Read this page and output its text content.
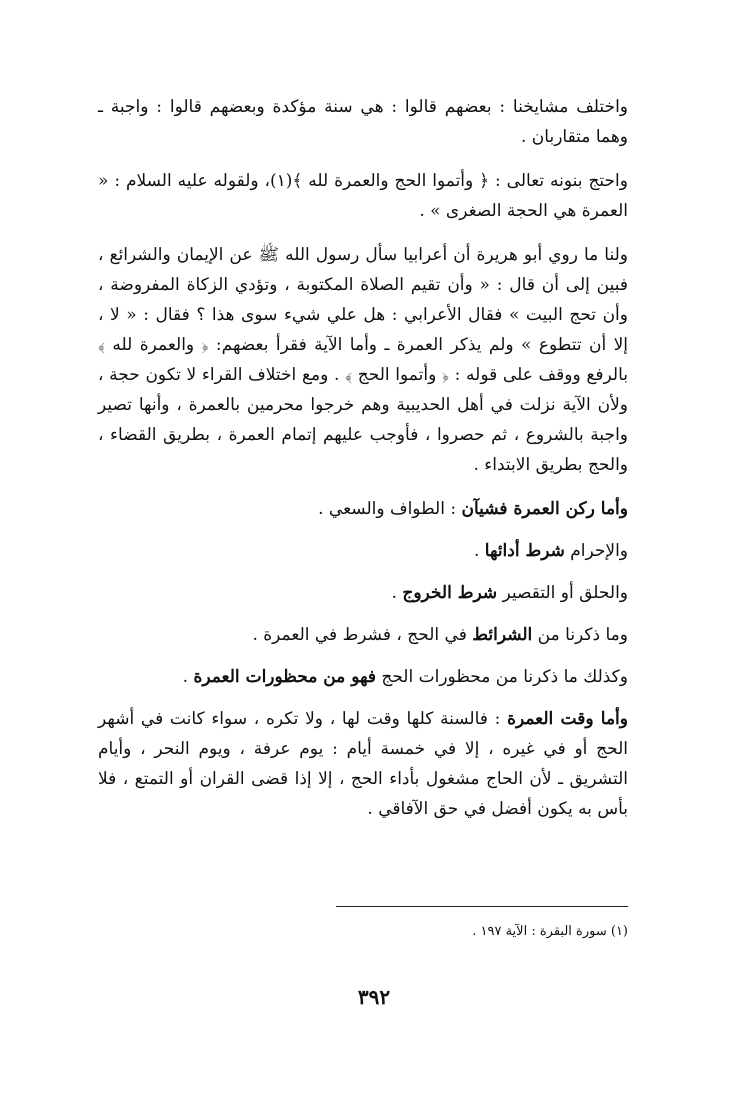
واختلف مشايخنا : بعضهم قالوا : هي سنة مؤكدة وبعضهم قالوا : واجبة ـ وهما متقاربان .

واحتج بنونه تعالى : ﴿ وأتموا الحج والعمرة لله ﴾(١)، ولقوله عليه السلام : « العمرة هي الحجة الصغرى » .

ولنا ما روي أبو هريرة أن أعرابيا سأل رسول الله ﷺ عن الإيمان والشرائع ، فبين إلى أن قال : « وأن تقيم الصلاة المكتوبة ، وتؤدي الزكاة المفروضة ، وأن تحج البيت » فقال الأعرابي : هل علي شيء سوى هذا ؟ فقال : « لا ، إلا أن تتطوع » ولم يذكر العمرة ـ وأما الآية فقرأ بعضهم: ﴿ والعمرة لله ﴾ بالرفع ووقف على قوله : ﴿ وأتموا الحج ﴾ . ومع اختلاف القراء لا تكون حجة ، ولأن الآية نزلت في أهل الحديبية وهم خرجوا محرمين بالعمرة ، وأنها تصير واجبة بالشروع ، ثم حصروا ، فأوجب عليهم إتمام العمرة ، بطريق القضاء ، والحج بطريق الابتداء .

وأما ركن العمرة فشيآن : الطواف والسعي .

والإحرام شرط أدائها .

والحلق أو التقصير شرط الخروج .

وما ذكرنا من الشرائط في الحج ، فشرط في العمرة .

وكذلك ما ذكرنا من محظورات الحج فهو من محظورات العمرة .

وأما وقت العمرة : فالسنة كلها وقت لها ، ولا تكره ، سواء كانت في أشهر الحج أو في غيره ، إلا في خمسة أيام : يوم عرفة ، ويوم النحر ، وأيام التشريق ـ لأن الحاج مشغول بأداء الحج ، إلا إذا قضى القران أو التمتع ، فلا بأس به يكون أفضل في حق الآفاقي .

(١) سورة البقرة : الآية ١٩٧ .
٣٩٢
